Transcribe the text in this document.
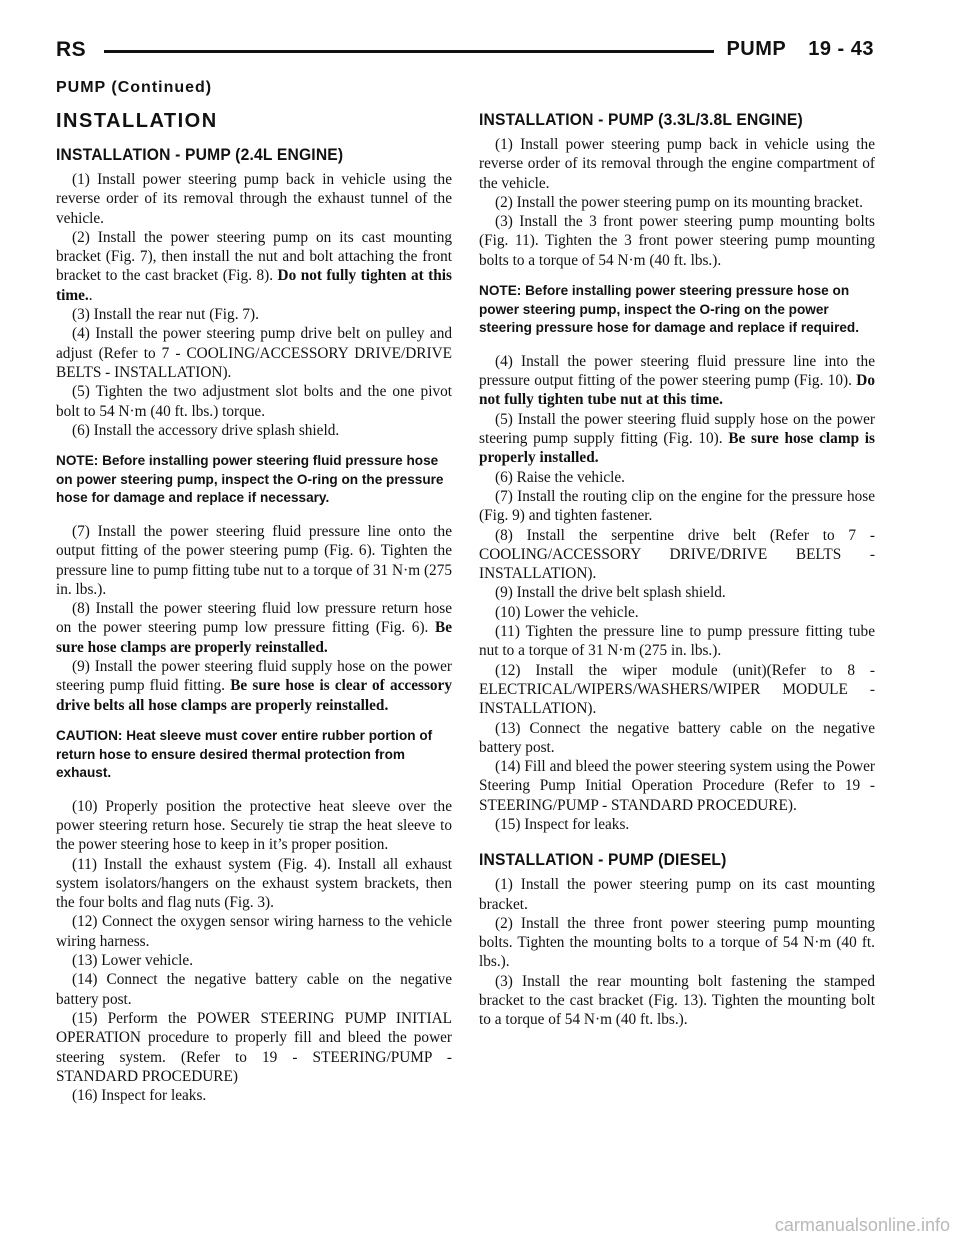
RS	PUMP 19 - 43
PUMP (Continued)
INSTALLATION
INSTALLATION - PUMP (2.4L ENGINE)

(1) Install power steering pump back in vehicle using the reverse order of its removal through the exhaust tunnel of the vehicle.

(2) Install the power steering pump on its cast mounting bracket (Fig. 7), then install the nut and bolt attaching the front bracket to the cast bracket (Fig. 8). Do not fully tighten at this time..

(3) Install the rear nut (Fig. 7).

(4) Install the power steering pump drive belt on pulley and adjust (Refer to 7 - COOLING/ACCESSORY DRIVE/DRIVE BELTS - INSTALLATION).

(5) Tighten the two adjustment slot bolts and the one pivot bolt to 54 N·m (40 ft. lbs.) torque.

(6) Install the accessory drive splash shield.

NOTE: Before installing power steering fluid pressure hose on power steering pump, inspect the O-ring on the pressure hose for damage and replace if necessary.

(7) Install the power steering fluid pressure line onto the output fitting of the power steering pump (Fig. 6). Tighten the pressure line to pump fitting tube nut to a torque of 31 N·m (275 in. lbs.).

(8) Install the power steering fluid low pressure return hose on the power steering pump low pressure fitting (Fig. 6). Be sure hose clamps are properly reinstalled.

(9) Install the power steering fluid supply hose on the power steering pump fluid fitting. Be sure hose is clear of accessory drive belts all hose clamps are properly reinstalled.

CAUTION: Heat sleeve must cover entire rubber portion of return hose to ensure desired thermal protection from exhaust.

(10) Properly position the protective heat sleeve over the power steering return hose. Securely tie strap the heat sleeve to the power steering hose to keep in it’s proper position.

(11) Install the exhaust system (Fig. 4). Install all exhaust system isolators/hangers on the exhaust system brackets, then the four bolts and flag nuts (Fig. 3).

(12) Connect the oxygen sensor wiring harness to the vehicle wiring harness.

(13) Lower vehicle.

(14) Connect the negative battery cable on the negative battery post.

(15) Perform the POWER STEERING PUMP INITIAL OPERATION procedure to properly fill and bleed the power steering system. (Refer to 19 - STEERING/PUMP - STANDARD PROCEDURE)

(16) Inspect for leaks.

INSTALLATION - PUMP (3.3L/3.8L ENGINE)

(1) Install power steering pump back in vehicle using the reverse order of its removal through the engine compartment of the vehicle.

(2) Install the power steering pump on its mounting bracket.

(3) Install the 3 front power steering pump mounting bolts (Fig. 11). Tighten the 3 front power steering pump mounting bolts to a torque of 54 N·m (40 ft. lbs.).

NOTE: Before installing power steering pressure hose on power steering pump, inspect the O-ring on the power steering pressure hose for damage and replace if required.

(4) Install the power steering fluid pressure line into the pressure output fitting of the power steering pump (Fig. 10). Do not fully tighten tube nut at this time.

(5) Install the power steering fluid supply hose on the power steering pump supply fitting (Fig. 10). Be sure hose clamp is properly installed.

(6) Raise the vehicle.

(7) Install the routing clip on the engine for the pressure hose (Fig. 9) and tighten fastener.

(8) Install the serpentine drive belt (Refer to 7 - COOLING/ACCESSORY DRIVE/DRIVE BELTS - INSTALLATION).

(9) Install the drive belt splash shield.

(10) Lower the vehicle.

(11) Tighten the pressure line to pump pressure fitting tube nut to a torque of 31 N·m (275 in. lbs.).

(12) Install the wiper module (unit)(Refer to 8 - ELECTRICAL/WIPERS/WASHERS/WIPER MODULE - INSTALLATION).

(13) Connect the negative battery cable on the negative battery post.

(14) Fill and bleed the power steering system using the Power Steering Pump Initial Operation Procedure (Refer to 19 - STEERING/PUMP - STANDARD PROCEDURE).

(15) Inspect for leaks.

INSTALLATION - PUMP (DIESEL)

(1) Install the power steering pump on its cast mounting bracket.

(2) Install the three front power steering pump mounting bolts. Tighten the mounting bolts to a torque of 54 N·m (40 ft. lbs.).

(3) Install the rear mounting bolt fastening the stamped bracket to the cast bracket (Fig. 13). Tighten the mounting bolt to a torque of 54 N·m (40 ft. lbs.).

carmanualsonline.info
